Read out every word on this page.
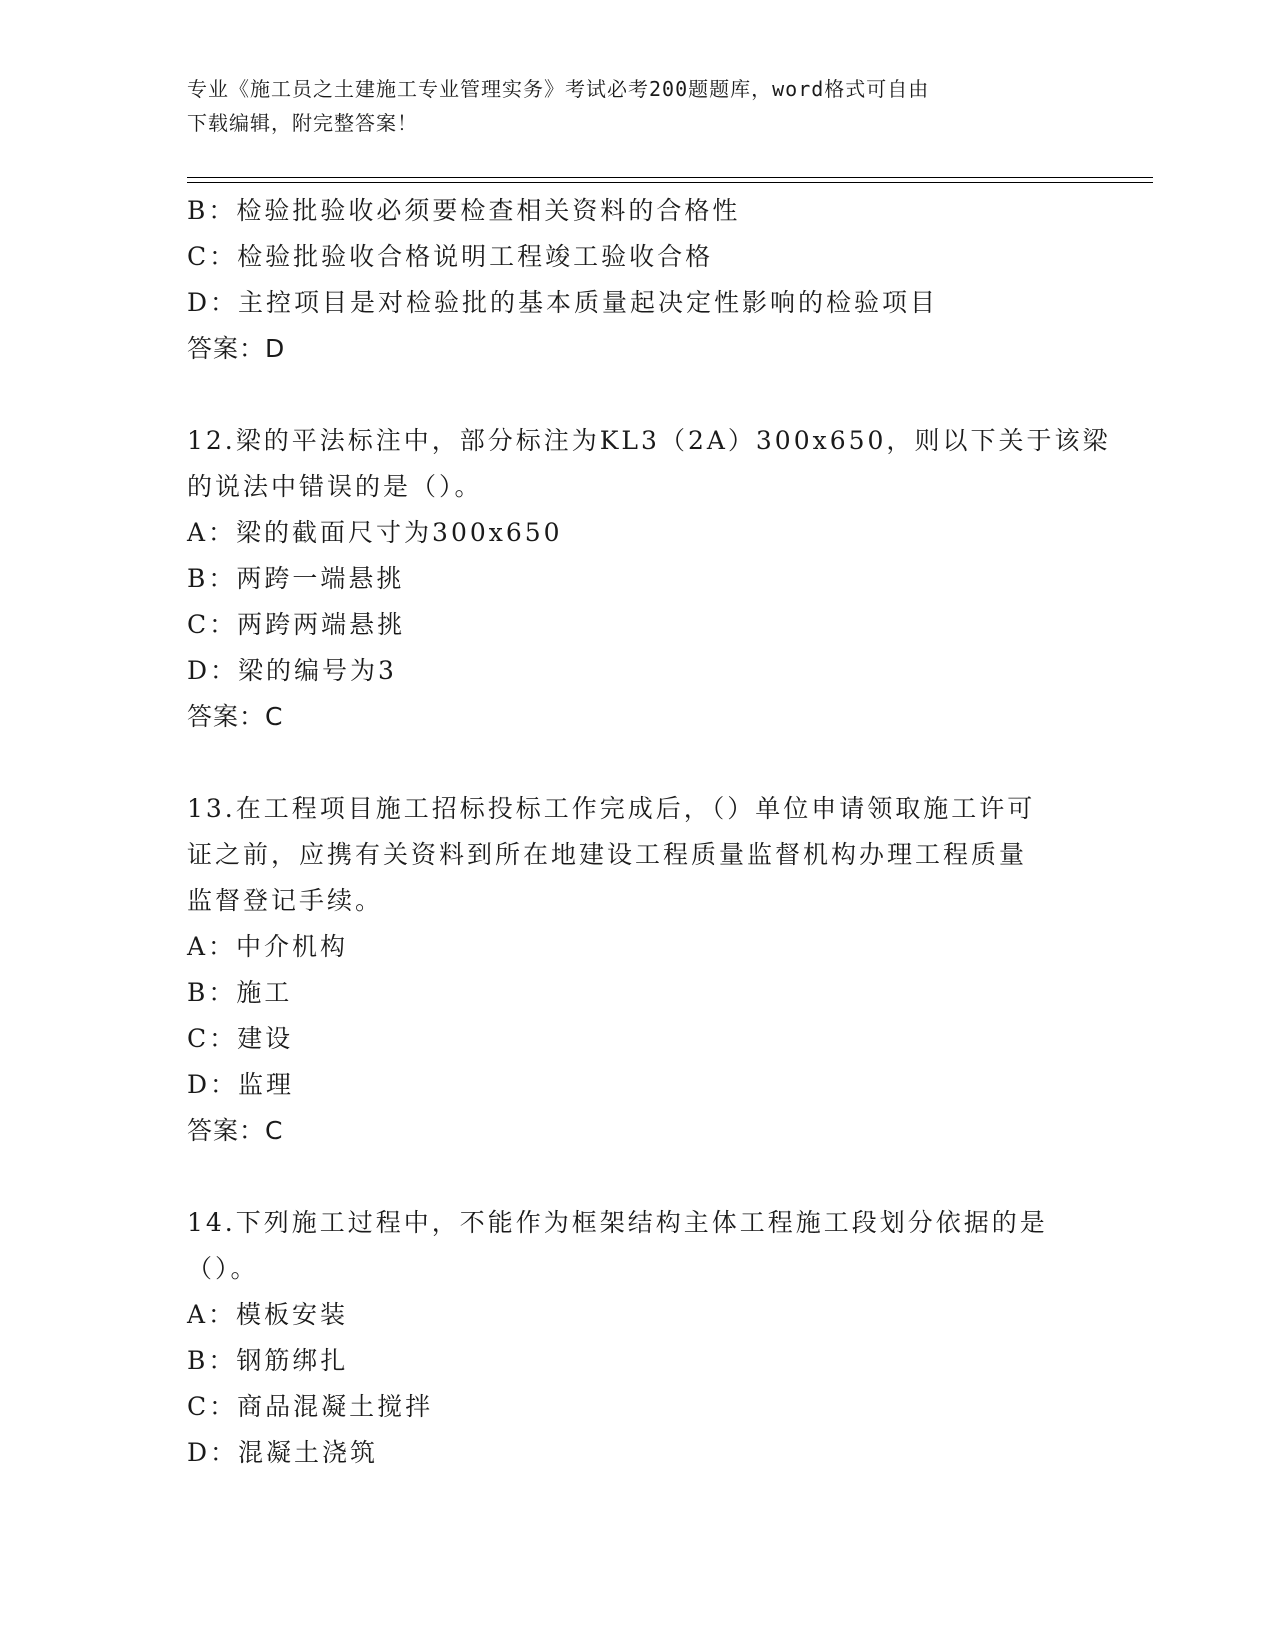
专业《施工员之土建施工专业管理实务》考试必考200题题库，word格式可自由
下载编辑，附完整答案！
B：检验批验收必须要检查相关资料的合格性
C：检验批验收合格说明工程竣工验收合格
D：主控项目是对检验批的基本质量起决定性影响的检验项目
答案：D
12.梁的平法标注中，部分标注为KL3（2A）300x650，则以下关于该梁
的说法中错误的是（）。
A：梁的截面尺寸为300x650
B：两跨一端悬挑
C：两跨两端悬挑
D：梁的编号为3
答案：C
13.在工程项目施工招标投标工作完成后，（）单位申请领取施工许可
证之前，应携有关资料到所在地建设工程质量监督机构办理工程质量
监督登记手续。
A：中介机构
B：施工
C：建设
D：监理
答案：C
14.下列施工过程中，不能作为框架结构主体工程施工段划分依据的是
（）。
A：模板安装
B：钢筋绑扎
C：商品混凝土搅拌
D：混凝土浇筑
